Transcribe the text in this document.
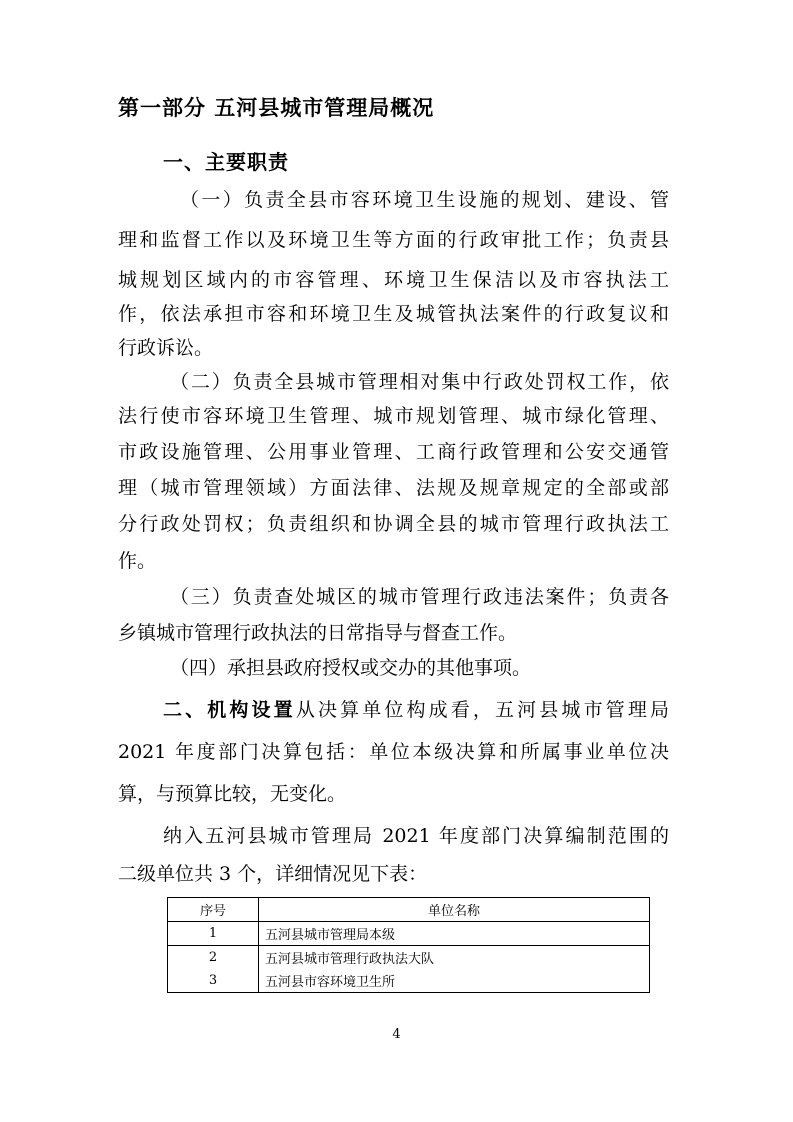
第一部分 五河县城市管理局概况
一、主要职责
（一）负责全县市容环境卫生设施的规划、建设、管
理和监督工作以及环境卫生等方面的行政审批工作；负责县
城规划区域内的市容管理、环境卫生保洁以及市容执法工
作，依法承担市容和环境卫生及城管执法案件的行政复议和
行政诉讼。
（二）负责全县城市管理相对集中行政处罚权工作，依
法行使市容环境卫生管理、城市规划管理、城市绿化管理、
市政设施管理、公用事业管理、工商行政管理和公安交通管
理（城市管理领域）方面法律、法规及规章规定的全部或部
分行政处罚权；负责组织和协调全县的城市管理行政执法工
作。
（三）负责查处城区的城市管理行政违法案件；负责各
乡镇城市管理行政执法的日常指导与督查工作。
（四）承担县政府授权或交办的其他事项。
二、机构设置从决算单位构成看，五河县城市管理局
2021 年度部门决算包括：单位本级决算和所属事业单位决
算，与预算比较，无变化。
纳入五河县城市管理局 2021 年度部门决算编制范围的
二级单位共 3 个，详细情况见下表：
序号	单位名称
1	五河县城市管理局本级
2	五河县城市管理行政执法大队
3	五河县市容环境卫生所
4
